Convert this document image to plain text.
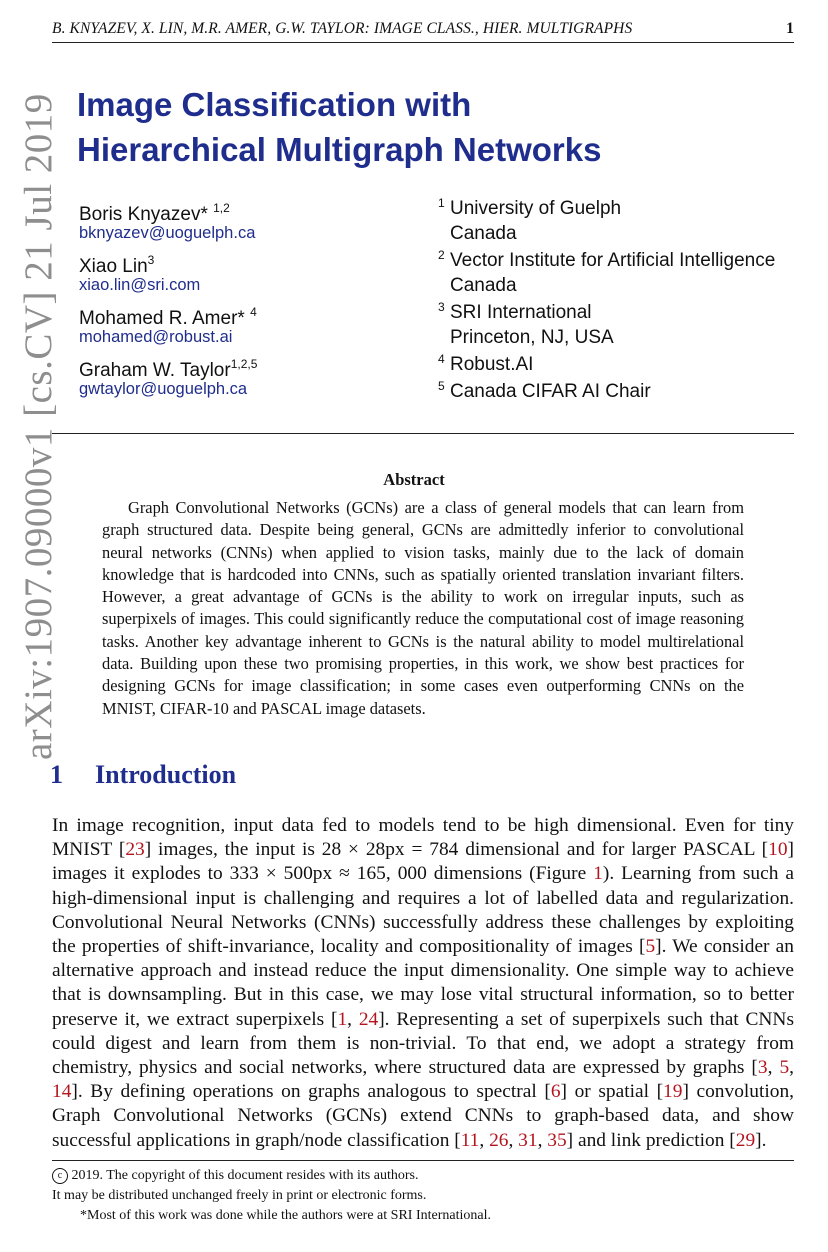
B. KNYAZEV, X. LIN, M.R. AMER, G.W. TAYLOR: IMAGE CLASS., HIER. MULTIGRAPHS	1
arXiv:1907.09000v1 [cs.CV] 21 Jul 2019 Image Classification with
Hierarchical Multigraph Networks
Boris Knyazev* $^{1,2}$
bknyazev@uoguelph.ca
Xiao Lin$^3$
xiao.lin@sri.com
Mohamed R. Amer* $^4$
mohamed@robust.ai
Graham W. Taylor$^{1,2,5}$
gwtaylor@uoguelph.ca
1 University of Guelph
Canada
2 Vector Institute for Artificial Intelligence
Canada
3 SRI International
Princeton, NJ, USA
4 Robust.AI
5 Canada CIFAR AI Chair
Abstract
Graph Convolutional Networks (GCNs) are a class of general models that can learn from graph structured data. Despite being general, GCNs are admittedly inferior to convolutional neural networks (CNNs) when applied to vision tasks, mainly due to the lack of domain knowledge that is hardcoded into CNNs, such as spatially oriented translation invariant filters. However, a great advantage of GCNs is the ability to work on irregular inputs, such as superpixels of images. This could significantly reduce the computational cost of image reasoning tasks. Another key advantage inherent to GCNs is the natural ability to model multirelational data. Building upon these two promising properties, in this work, we show best practices for designing GCNs for image classification; in some cases even outperforming CNNs on the MNIST, CIFAR-10 and PASCAL image datasets.
1 Introduction
In image recognition, input data fed to models tend to be high dimensional. Even for tiny MNIST [23] images, the input is 28 × 28px = 784 dimensional and for larger PASCAL [10] images it explodes to 333 × 500px ≈ 165, 000 dimensions (Figure 1). Learning from such a high-dimensional input is challenging and requires a lot of labelled data and regularization. Convolutional Neural Networks (CNNs) successfully address these challenges by exploiting the properties of shift-invariance, locality and compositionality of images [5]. We consider an alternative approach and instead reduce the input dimensionality. One simple way to achieve that is downsampling. But in this case, we may lose vital structural information, so to better preserve it, we extract superpixels [1, 24]. Representing a set of superpixels such that CNNs could digest and learn from them is non-trivial. To that end, we adopt a strategy from chemistry, physics and social networks, where structured data are expressed by graphs [3, 5, 14]. By defining operations on graphs analogous to spectral [6] or spatial [19] convolution, Graph Convolutional Networks (GCNs) extend CNNs to graph-based data, and show successful applications in graph/node classification [11, 26, 31, 35] and link prediction [29].
c 2019. The copyright of this document resides with its authors.
It may be distributed unchanged freely in print or electronic forms.
*Most of this work was done while the authors were at SRI International.
